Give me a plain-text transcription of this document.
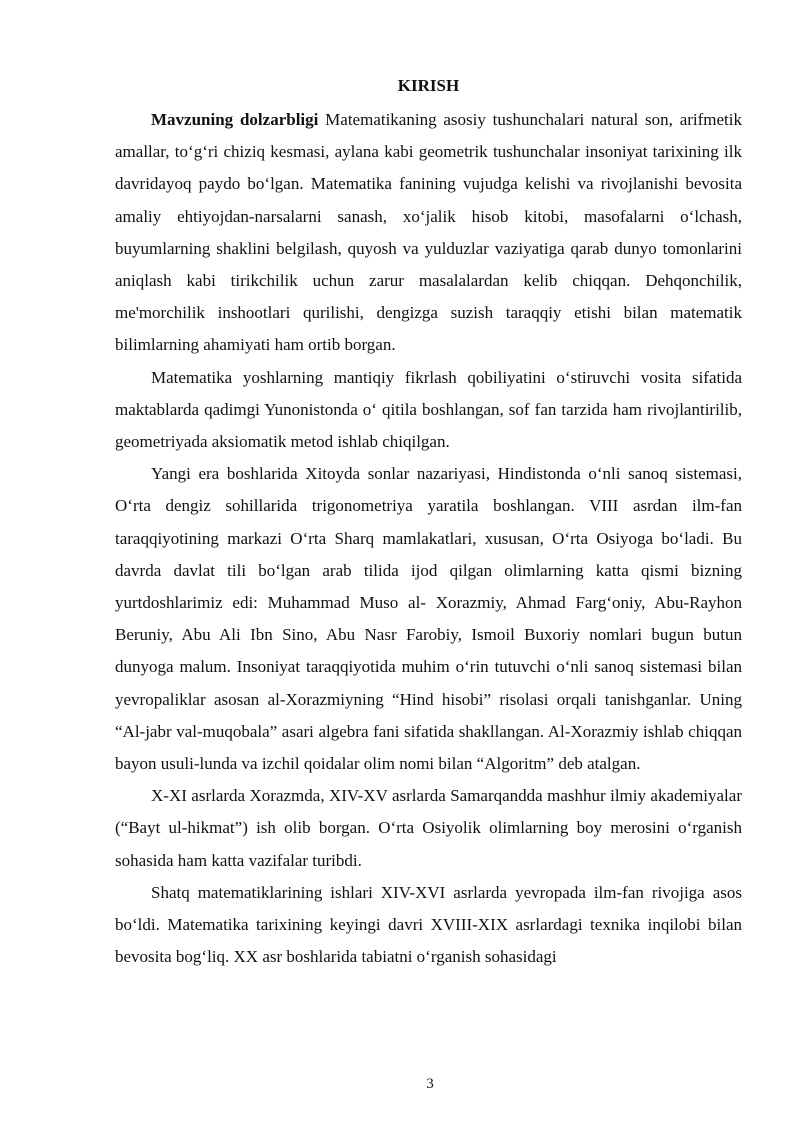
KIRISH

Mavzuning dolzarbligi Matematikaning asosiy tushunchalari natural son, arifmetik amallar, to‘g‘ri chiziq kesmasi, aylana kabi geometrik tushunchalar insoniyat tarixining ilk davridayoq paydo bo‘lgan. Matematika fanining vujudga kelishi va rivojlanishi bevosita amaliy ehtiyojdan-narsalarni sanash, xo‘jalik hisob kitobi, masofalarni o‘lchash, buyumlarning shaklini belgilash, quyosh va yulduzlar vaziyatiga qarab dunyo tomonlarini aniqlash kabi tirikchilik uchun zarur masalalardan kelib chiqqan. Dehqonchilik, me'morchilik inshootlari qurilishi, dengizga suzish taraqqiy etishi bilan matematik bilimlarning ahamiyati ham ortib borgan.

Matematika yoshlarning mantiqiy fikrlash qobiliyatini o‘stiruvchi vosita sifatida maktablarda qadimgi Yunonistonda o‘ qitila boshlangan, sof fan tarzida ham rivojlantirilib, geometriyada aksiomatik metod ishlab chiqilgan.

Yangi era boshlarida Xitoyda sonlar nazariyasi, Hindistonda o‘nli sanoq sistemasi, O‘rta dengiz sohillarida trigonometriya yaratila boshlangan. VIII asrdan ilm-fan taraqqiyotining markazi O‘rta Sharq mamlakatlari, xususan, O‘rta Osiyoga bo‘ladi. Bu davrda davlat tili bo‘lgan arab tilida ijod qilgan olimlarning katta qismi bizning yurtdoshlarimiz edi: Muhammad Muso al- Xorazmiy, Ahmad Farg‘oniy, Abu-Rayhon Beruniy, Abu Ali Ibn Sino, Abu Nasr Farobiy, Ismoil Buxoriy nomlari bugun butun dunyoga malum. Insoniyat taraqqiyotida muhim o‘rin tutuvchi o‘nli sanoq sistemasi bilan yevropaliklar asosan al-Xorazmiyning “Hind hisobi” risolasi orqali tanishganlar. Uning “Al-jabr val-muqobala” asari algebra fani sifatida shakllangan. Al-Xorazmiy ishlab chiqqan bayon usuli-lunda va izchil qoidalar olim nomi bilan “Algoritm” deb atalgan.

X-XI asrlarda Xorazmda, XIV-XV asrlarda Samarqandda mashhur ilmiy akademiyalar (“Bayt ul-hikmat”) ish olib borgan. O‘rta Osiyolik olimlarning boy merosini o‘rganish sohasida ham katta vazifalar turibdi.

Shatq matematiklarining ishlari XIV-XVI asrlarda yevropada ilm-fan rivojiga asos bo‘ldi. Matematika tarixining keyingi davri XVIII-XIX asrlardagi texnika inqilobi bilan bevosita bog‘liq. XX asr boshlarida tabiatni o‘rganish sohasidagi

3
